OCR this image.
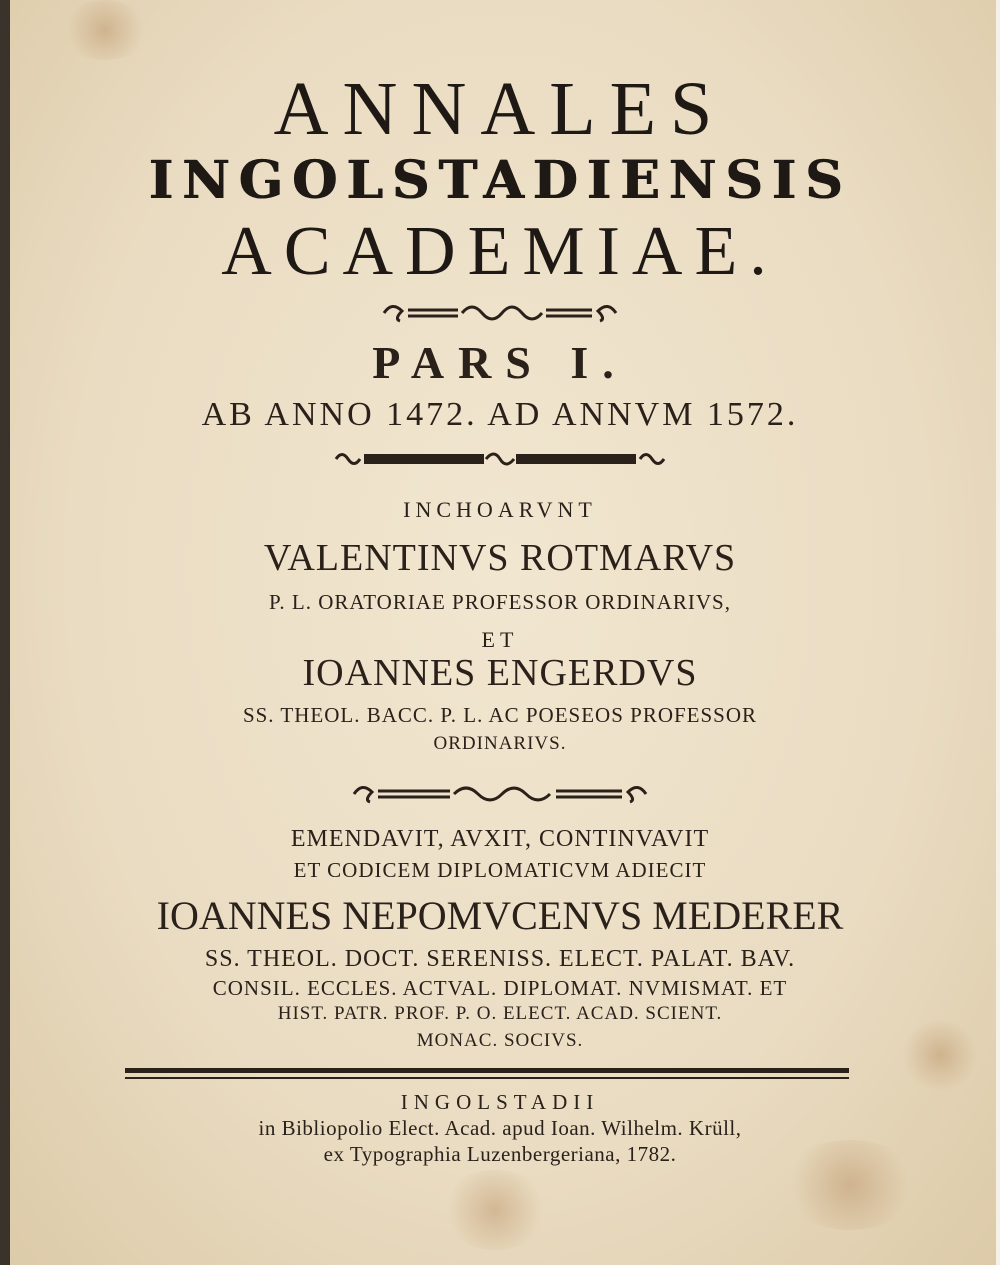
ANNALES
INGOLSTADIENSIS
ACADEMIAE.
PARS I.
AB ANNO 1472. AD ANNVM 1572.
INCHOARVNT
VALENTINVS ROTMARVS
P. L. ORATORIAE PROFESSOR ORDINARIVS,
ET
IOANNES ENGERDVS
SS. THEOL. BACC. P. L. AC POESEOS PROFESSOR
ORDINARIVS.
EMENDAVIT, AVXIT, CONTINVAVIT
ET CODICEM DIPLOMATICVM ADIECIT
IOANNES NEPOMVCENVS MEDERER
SS. THEOL. DOCT. SERENISS. ELECT. PALAT. BAV.
CONSIL. ECCLES. ACTVAL. DIPLOMAT. NVMISMAT. ET
HIST. PATR. PROF. P. O. ELECT. ACAD. SCIENT.
MONAC. SOCIVS.
INGOLSTADII
in Bibliopolio Elect. Acad. apud Ioan. Wilhelm. Krüll,
ex Typographia Luzenbergeriana, 1782.
